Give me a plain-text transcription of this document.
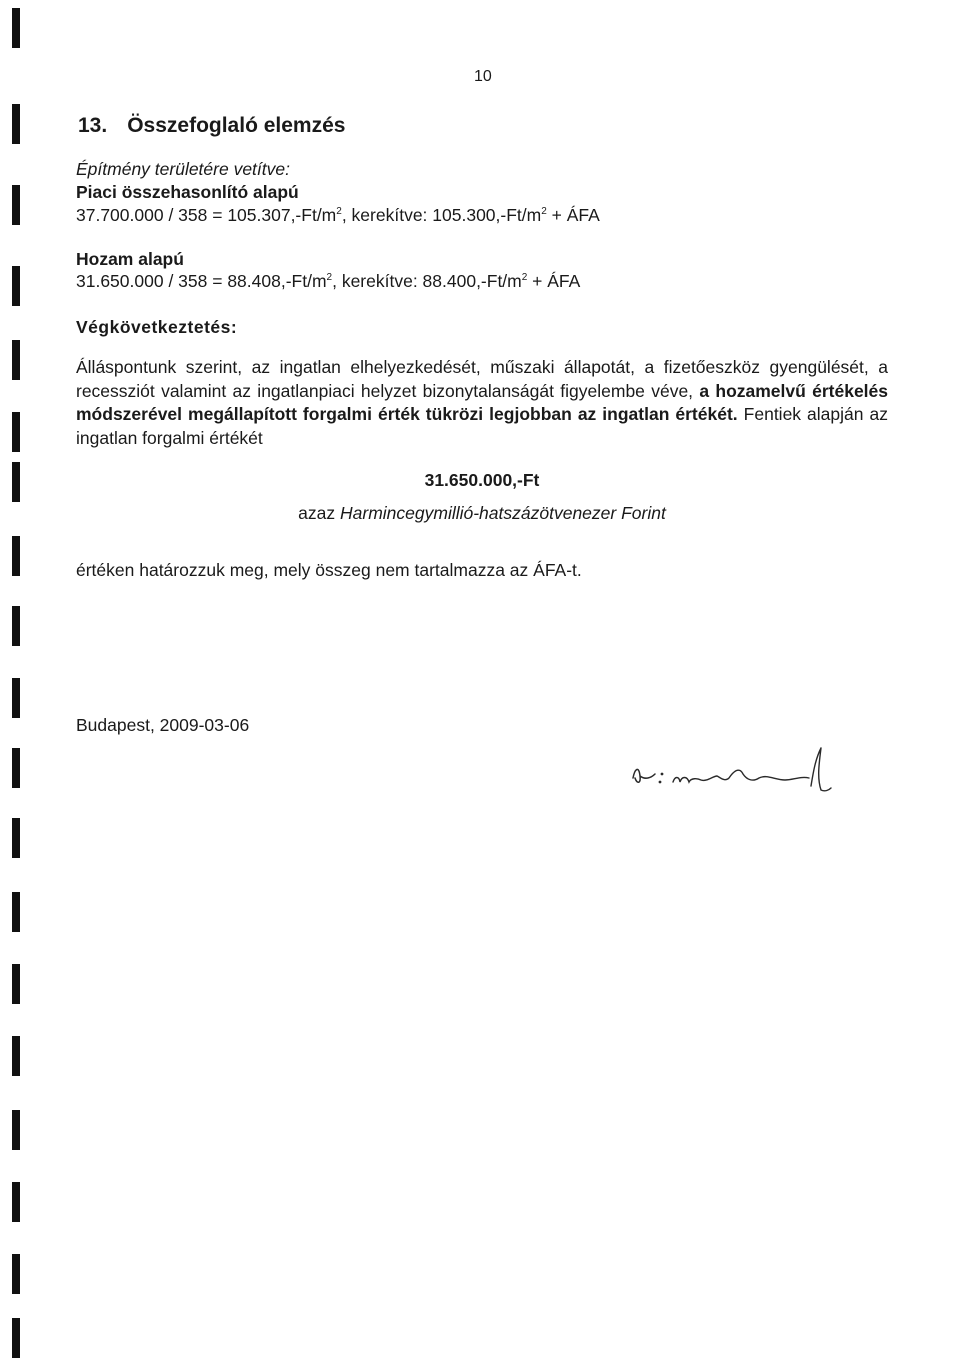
10
13. Összefoglaló elemzés
Építmény területére vetítve:
Piaci összehasonlító alapú
$37.700.000 / 358 = 105.307,-Ft/m^2$, kerekítve: $105.300,-Ft/m^2$ + ÁFA
Hozam alapú
$31.650.000 / 358 = 88.408,-Ft/m^2$, kerekítve: $88.400,-Ft/m^2$ + ÁFA
Végkövetkeztetés:
Álláspontunk szerint, az ingatlan elhelyezkedését, műszaki állapotát, a fizetőeszköz gyengülését, a recessziót valamint az ingatlanpiaci helyzet bizonytalanságát figyelembe véve, a hozamelvű értékelés módszerével megállapított forgalmi érték tükrözi legjobban az ingatlan értékét. Fentiek alapján az ingatlan forgalmi értékét
31.650.000,-Ft
azaz Harmincegymillió-hatszázötvenezer Forint
értéken határozzuk meg, mely összeg nem tartalmazza az ÁFA-t.
Budapest, 2009-03-06
